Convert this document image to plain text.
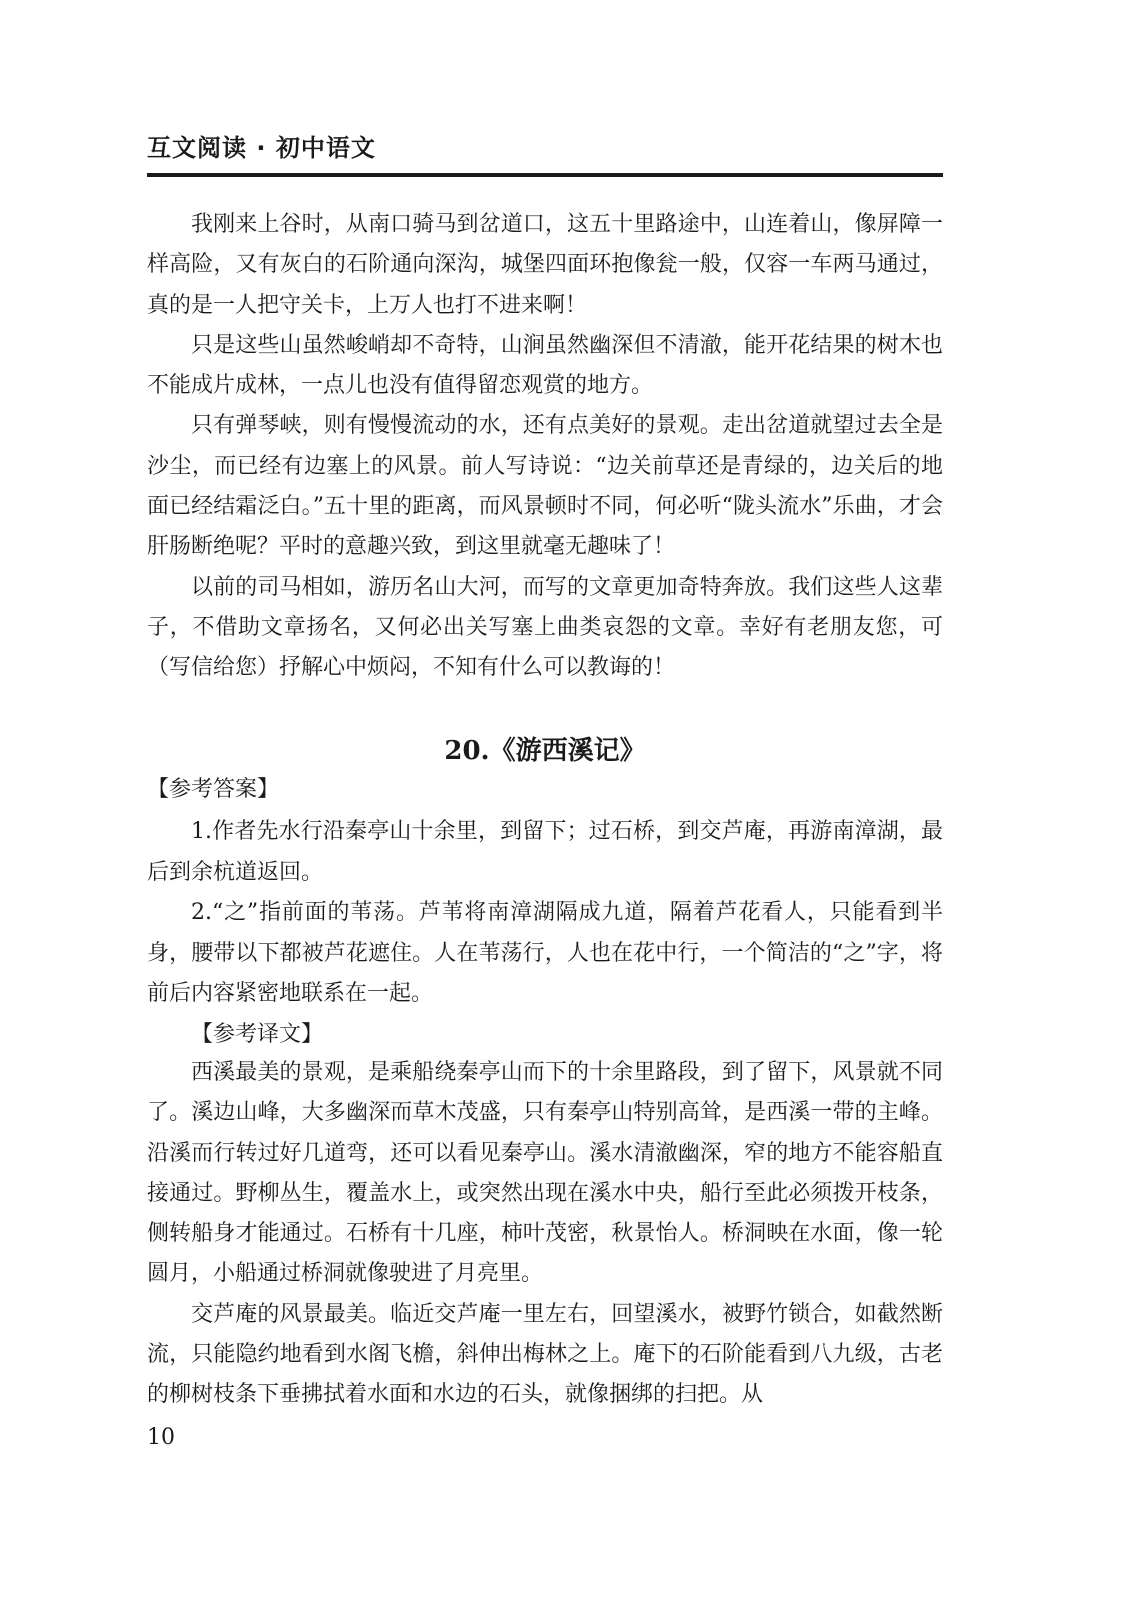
互文阅读 · 初中语文

我刚来上谷时，从南口骑马到岔道口，这五十里路途中，山连着山，像屏障一样高险，又有灰白的石阶通向深沟，城堡四面环抱像瓮一般，仅容一车两马通过，真的是一人把守关卡，上万人也打不进来啊！

只是这些山虽然峻峭却不奇特，山涧虽然幽深但不清澈，能开花结果的树木也不能成片成林，一点儿也没有值得留恋观赏的地方。

只有弹琴峡，则有慢慢流动的水，还有点美好的景观。走出岔道就望过去全是沙尘，而已经有边塞上的风景。前人写诗说：“边关前草还是青绿的，边关后的地面已经结霜泛白。”五十里的距离，而风景顿时不同，何必听“陇头流水”乐曲，才会肝肠断绝呢？平时的意趣兴致，到这里就毫无趣味了！

以前的司马相如，游历名山大河，而写的文章更加奇特奔放。我们这些人这辈子，不借助文章扬名，又何必出关写塞上曲类哀怨的文章。幸好有老朋友您，可（写信给您）抒解心中烦闷，不知有什么可以教诲的！

20.《游西溪记》
【参考答案】

1.作者先水行沿秦亭山十余里，到留下；过石桥，到交芦庵，再游南漳湖，最后到余杭道返回。

2.“之”指前面的苇荡。芦苇将南漳湖隔成九道，隔着芦花看人，只能看到半身，腰带以下都被芦花遮住。人在苇荡行，人也在花中行，一个简洁的“之”字，将前后内容紧密地联系在一起。

【参考译文】

西溪最美的景观，是乘船绕秦亭山而下的十余里路段，到了留下，风景就不同了。溪边山峰，大多幽深而草木茂盛，只有秦亭山特别高耸，是西溪一带的主峰。沿溪而行转过好几道弯，还可以看见秦亭山。溪水清澈幽深，窄的地方不能容船直接通过。野柳丛生，覆盖水上，或突然出现在溪水中央，船行至此必须拨开枝条，侧转船身才能通过。石桥有十几座，柿叶茂密，秋景怡人。桥洞映在水面，像一轮圆月，小船通过桥洞就像驶进了月亮里。

交芦庵的风景最美。临近交芦庵一里左右，回望溪水，被野竹锁合，如截然断流，只能隐约地看到水阁飞檐，斜伸出梅林之上。庵下的石阶能看到八九级，古老的柳树枝条下垂拂拭着水面和水边的石头，就像捆绑的扫把。从

10
